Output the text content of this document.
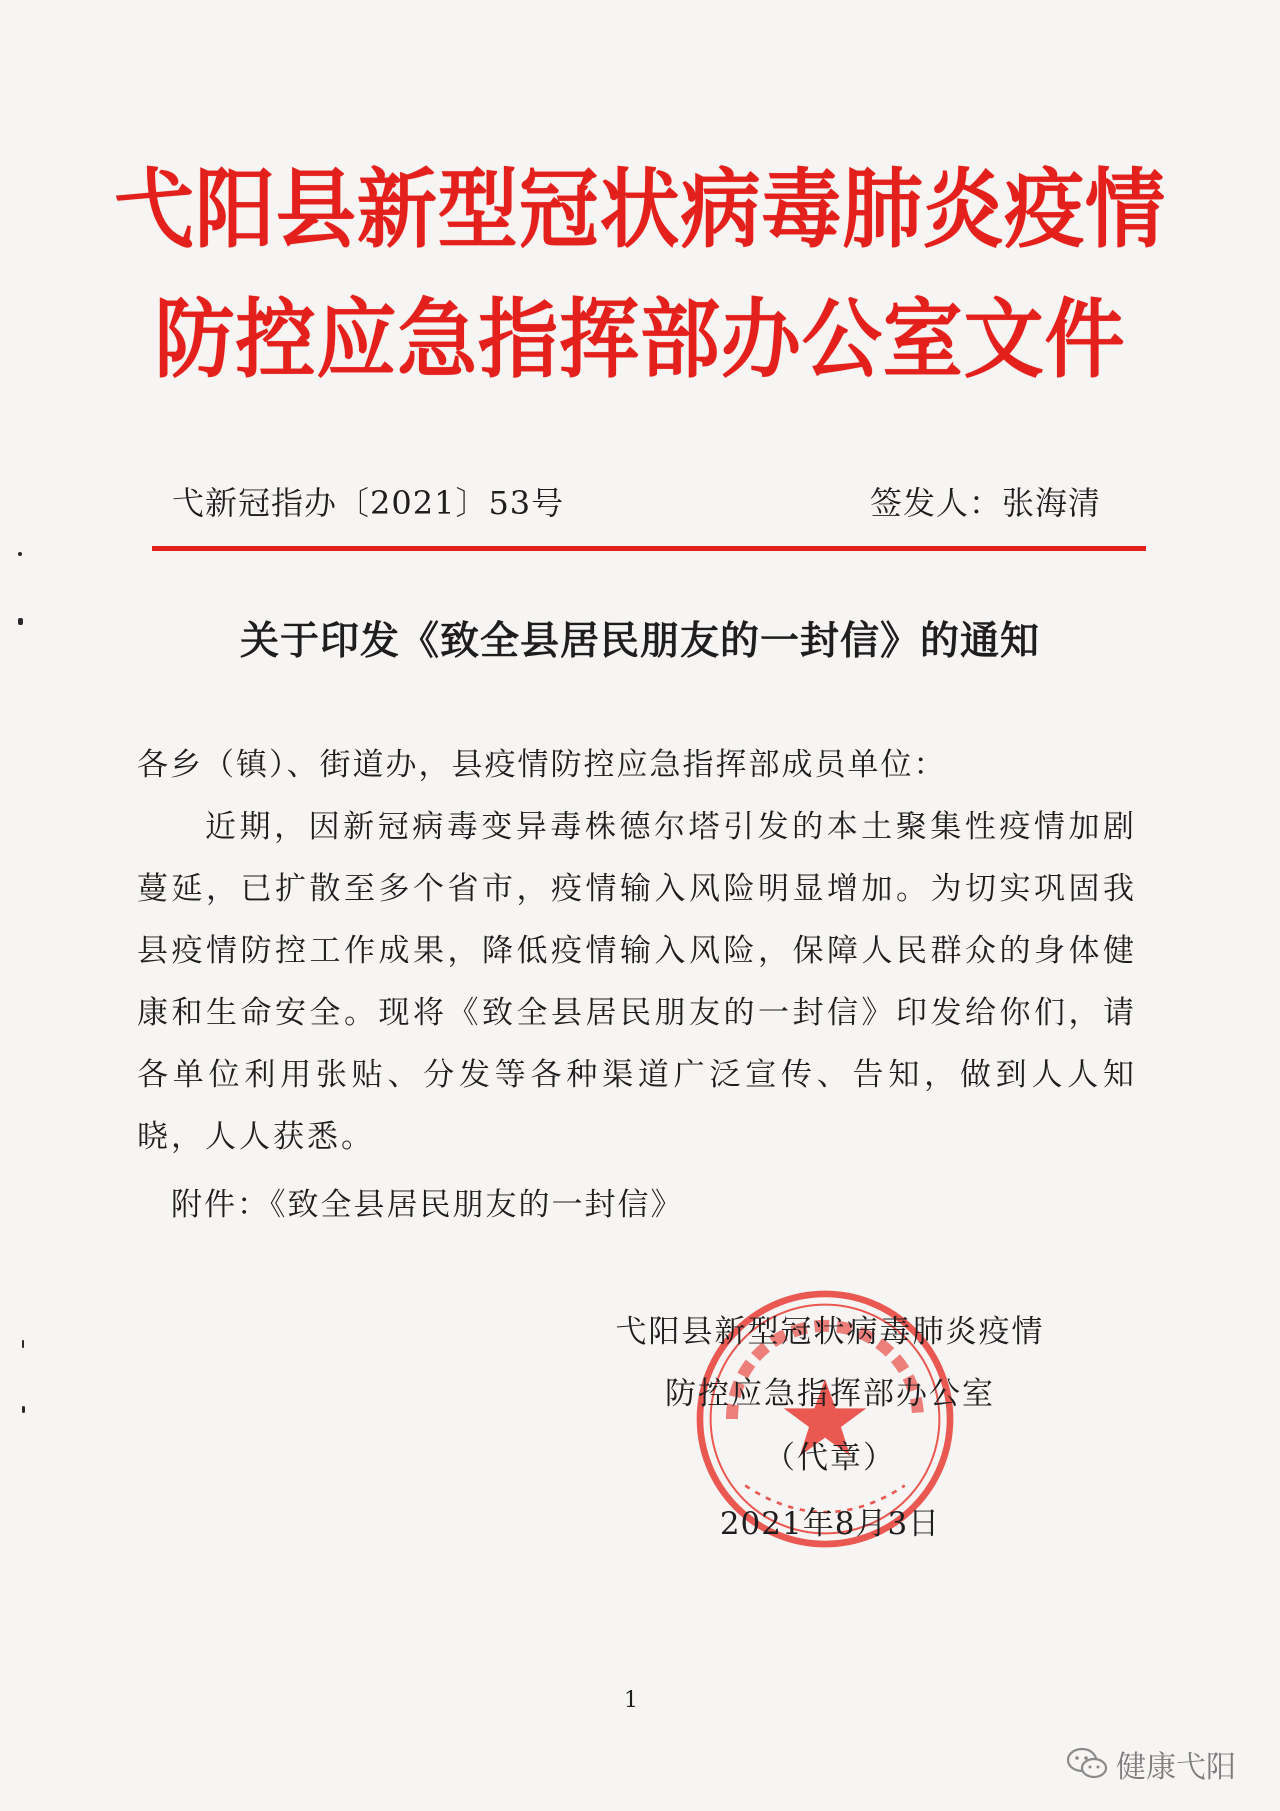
弋阳县新型冠状病毒肺炎疫情
防控应急指挥部办公室文件
弋新冠指办〔2021〕53号	签发人：张海清
关于印发《致全县居民朋友的一封信》的通知
各乡（镇）、街道办，县疫情防控应急指挥部成员单位：
近期，因新冠病毒变异毒株德尔塔引发的本土聚集性疫情加剧蔓延，已扩散至多个省市，疫情输入风险明显增加。为切实巩固我县疫情防控工作成果，降低疫情输入风险，保障人民群众的身体健康和生命安全。现将《致全县居民朋友的一封信》印发给你们，请各单位利用张贴、分发等各种渠道广泛宣传、告知，做到人人知晓，人人获悉。
附件：《致全县居民朋友的一封信》
弋阳县新型冠状病毒肺炎疫情
防控应急指挥部办公室
（代章）
2021年8月3日
1
健康弋阳
